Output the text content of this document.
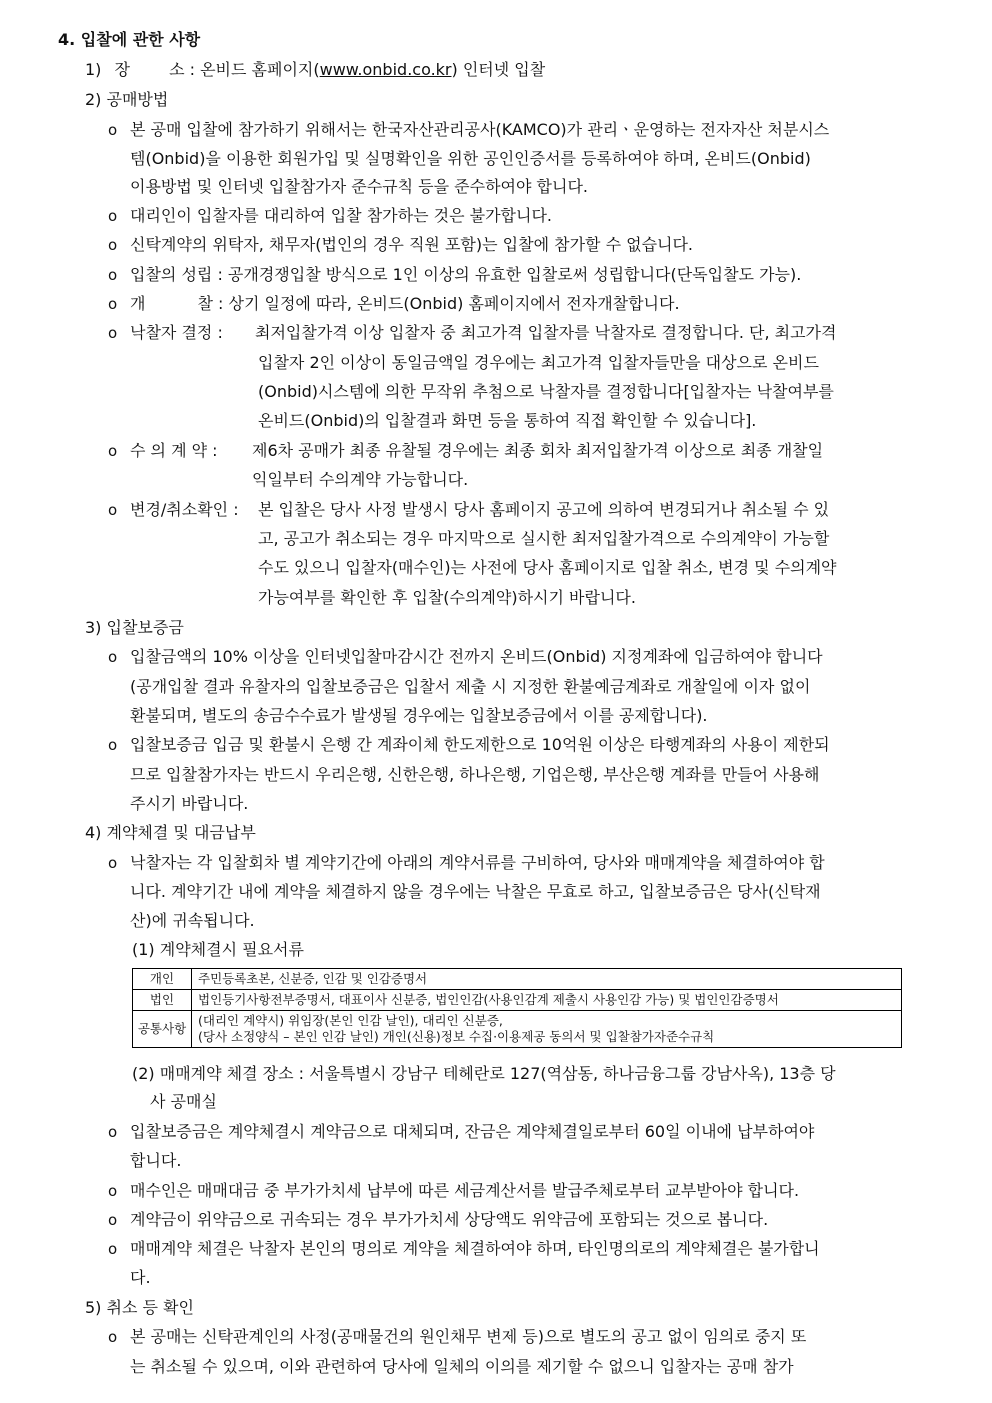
4. 입찰에 관한 사항
1) 장 소 : 온비드 홈페이지(www.onbid.co.kr) 인터넷 입찰
2) 공매방법
o 본 공매 입찰에 참가하기 위해서는 한국자산관리공사(KAMCO)가 관리ㆍ운영하는 전자자산 처분시스
템(Onbid)을 이용한 회원가입 및 실명확인을 위한 공인인증서를 등록하여야 하며, 온비드(Onbid)
이용방법 및 인터넷 입찰참가자 준수규칙 등을 준수하여야 합니다.
o 대리인이 입찰자를 대리하여 입찰 참가하는 것은 불가합니다.
o 신탁계약의 위탁자, 채무자(법인의 경우 직원 포함)는 입찰에 참가할 수 없습니다.
o 입찰의 성립 : 공개경쟁입찰 방식으로 1인 이상의 유효한 입찰로써 성립합니다(단독입찰도 가능).
o 개	찰 : 상기 일정에 따라, 온비드(Onbid) 홈페이지에서 전자개찰합니다.
o 낙찰자 결정 : 최저입찰가격 이상 입찰자 중 최고가격 입찰자를 낙찰자로 결정합니다. 단, 최고가격
입찰자 2인 이상이 동일금액일 경우에는 최고가격 입찰자들만을 대상으로 온비드
(Onbid)시스템에 의한 무작위 추첨으로 낙찰자를 결정합니다[입찰자는 낙찰여부를
온비드(Onbid)의 입찰결과 화면 등을 통하여 직접 확인할 수 있습니다].
o 수 의 계 약 : 제6차 공매가 최종 유찰될 경우에는 최종 회차 최저입찰가격 이상으로 최종 개찰일
익일부터 수의계약 가능합니다.
o 변경/취소확인 : 본 입찰은 당사 사정 발생시 당사 홈페이지 공고에 의하여 변경되거나 취소될 수 있
고, 공고가 취소되는 경우 마지막으로 실시한 최저입찰가격으로 수의계약이 가능할
수도 있으니 입찰자(매수인)는 사전에 당사 홈페이지로 입찰 취소, 변경 및 수의계약
가능여부를 확인한 후 입찰(수의계약)하시기 바랍니다.
3) 입찰보증금
o 입찰금액의 10% 이상을 인터넷입찰마감시간 전까지 온비드(Onbid) 지정계좌에 입금하여야 합니다
(공개입찰 결과 유찰자의 입찰보증금은 입찰서 제출 시 지정한 환불예금계좌로 개찰일에 이자 없이
환불되며, 별도의 송금수수료가 발생될 경우에는 입찰보증금에서 이를 공제합니다).
o 입찰보증금 입금 및 환불시 은행 간 계좌이체 한도제한으로 10억원 이상은 타행계좌의 사용이 제한되
므로 입찰참가자는 반드시 우리은행, 신한은행, 하나은행, 기업은행, 부산은행 계좌를 만들어 사용해
주시기 바랍니다.
4) 계약체결 및 대금납부
o 낙찰자는 각 입찰회차 별 계약기간에 아래의 계약서류를 구비하여, 당사와 매매계약을 체결하여야 합
니다. 계약기간 내에 계약을 체결하지 않을 경우에는 낙찰은 무효로 하고, 입찰보증금은 당사(신탁재
산)에 귀속됩니다.
(1) 계약체결시 필요서류
개인	주민등록초본, 신분증, 인감 및 인감증명서
법인	법인등기사항전부증명서, 대표이사 신분증, 법인인감(사용인감계 제출시 사용인감 가능) 및 법인인감증명서
공통사항	(대리인 계약시) 위임장(본인 인감 날인), 대리인 신분증,
(당사 소정양식 – 본인 인감 날인) 개인(신용)정보 수집·이용제공 동의서 및 입찰참가자준수규칙
(2) 매매계약 체결 장소 : 서울특별시 강남구 테헤란로 127(역삼동, 하나금융그룹 강남사옥), 13층 당
사 공매실
o 입찰보증금은 계약체결시 계약금으로 대체되며, 잔금은 계약체결일로부터 60일 이내에 납부하여야
합니다.
o 매수인은 매매대금 중 부가가치세 납부에 따른 세금계산서를 발급주체로부터 교부받아야 합니다.
o 계약금이 위약금으로 귀속되는 경우 부가가치세 상당액도 위약금에 포함되는 것으로 봅니다.
o 매매계약 체결은 낙찰자 본인의 명의로 계약을 체결하여야 하며, 타인명의로의 계약체결은 불가합니
다.
5) 취소 등 확인
o 본 공매는 신탁관계인의 사정(공매물건의 원인채무 변제 등)으로 별도의 공고 없이 임의로 중지 또
는 취소될 수 있으며, 이와 관련하여 당사에 일체의 이의를 제기할 수 없으니 입찰자는 공매 참가
